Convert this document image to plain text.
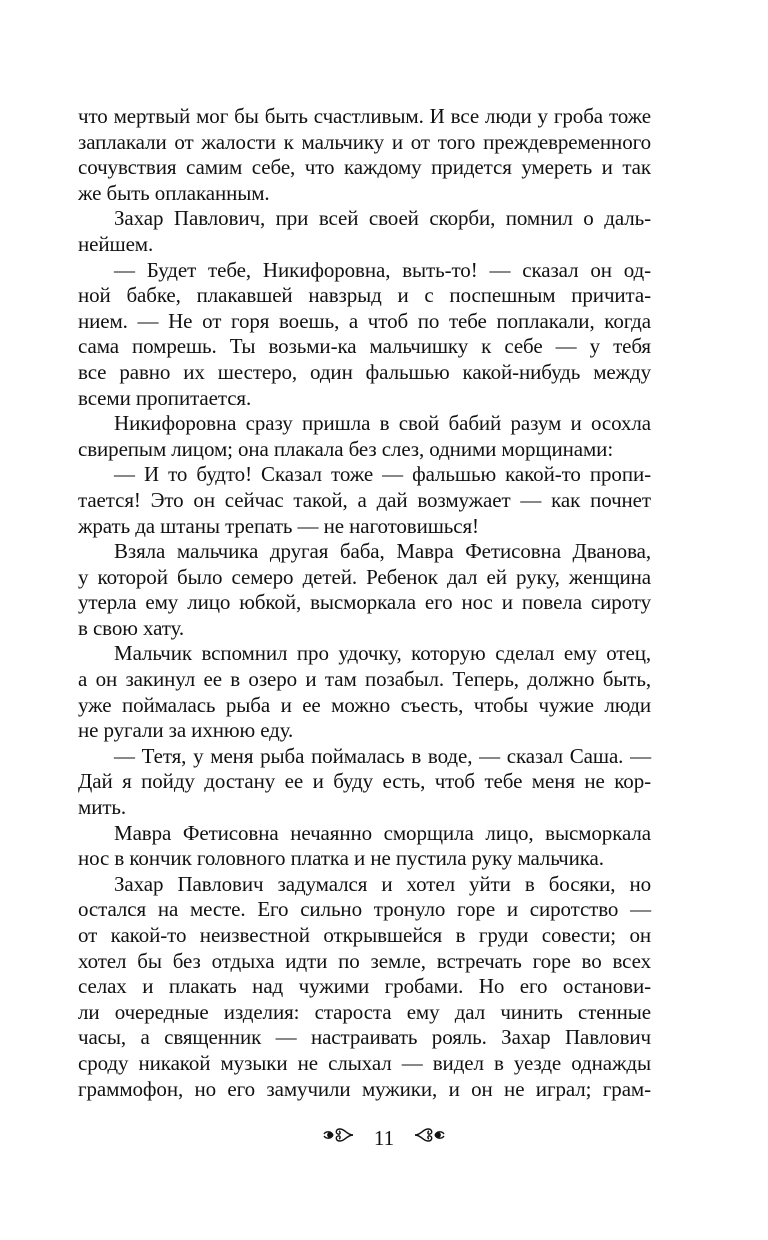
что мертвый мог бы быть счастливым. И все люди у гроба тоже
заплакали от жалости к мальчику и от того преждевременного
сочувствия самим себе, что каждому придется умереть и так
же быть оплаканным.
Захар Павлович, при всей своей скорби, помнил о даль-
нейшем.
— Будет тебе, Никифоровна, выть-то! — сказал он од-
ной бабке, плакавшей навзрыд и с поспешным причита-
нием. — Не от горя воешь, а чтоб по тебе поплакали, когда
сама помрешь. Ты возьми-ка мальчишку к себе — у тебя
все равно их шестеро, один фальшью какой-нибудь между
всеми пропитается.
Никифоровна сразу пришла в свой бабий разум и осохла
свирепым лицом; она плакала без слез, одними морщинами:
— И то будто! Сказал тоже — фальшью какой-то пропи-
тается! Это он сейчас такой, а дай возмужает — как почнет
жрать да штаны трепать — не наготовишься!
Взяла мальчика другая баба, Мавра Фетисовна Дванова,
у которой было семеро детей. Ребенок дал ей руку, женщина
утерла ему лицо юбкой, высморкала его нос и повела сироту
в свою хату.
Мальчик вспомнил про удочку, которую сделал ему отец,
а он закинул ее в озеро и там позабыл. Теперь, должно быть,
уже поймалась рыба и ее можно съесть, чтобы чужие люди
не ругали за ихнюю еду.
— Тетя, у меня рыба поймалась в воде, — сказал Саша. —
Дай я пойду достану ее и буду есть, чтоб тебе меня не кор-
мить.
Мавра Фетисовна нечаянно сморщила лицо, высморкала
нос в кончик головного платка и не пустила руку мальчика.
Захар Павлович задумался и хотел уйти в босяки, но
остался на месте. Его сильно тронуло горе и сиротство —
от какой-то неизвестной открывшейся в груди совести; он
хотел бы без отдыха идти по земле, встречать горе во всех
селах и плакать над чужими гробами. Но его останови-
ли очередные изделия: староста ему дал чинить стенные
часы, а священник — настраивать рояль. Захар Павлович
сроду никакой музыки не слыхал — видел в уезде однажды
граммофон, но его замучили мужики, и он не играл; грам-
11
